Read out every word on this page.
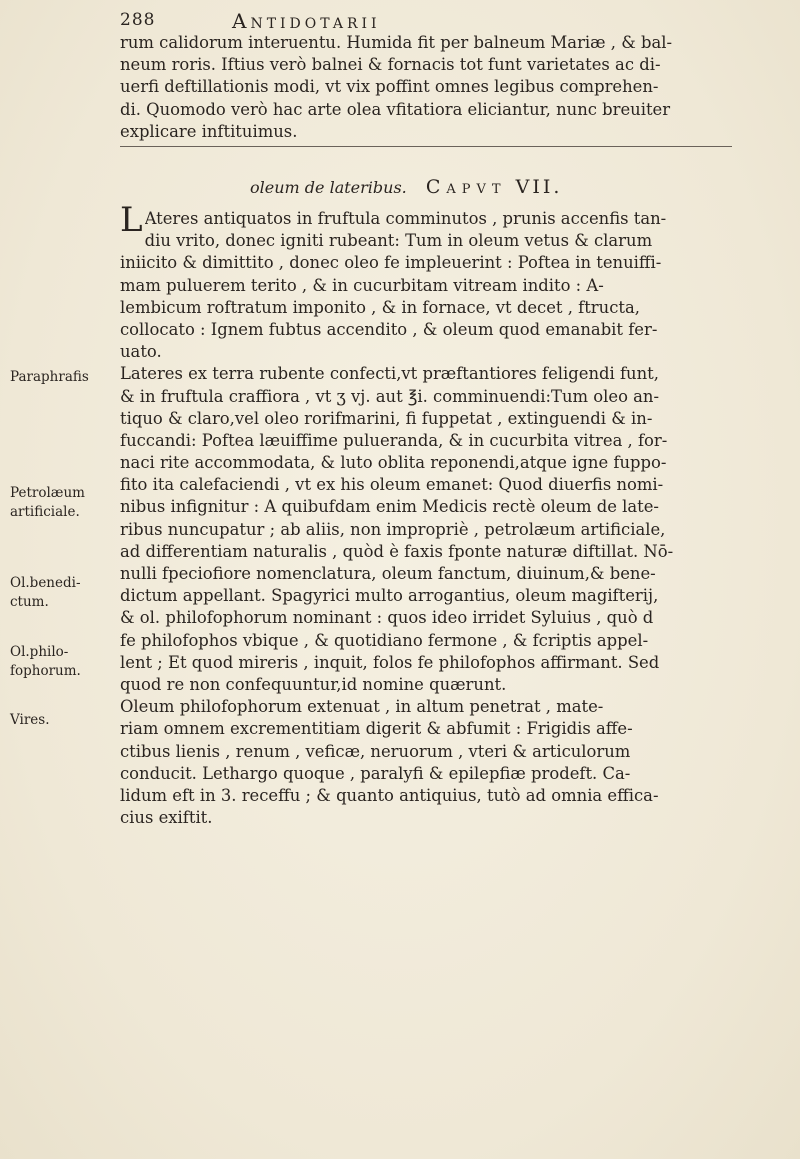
288	Antidotarii
rum calidorum interuentu. Humida fit per balneum Mariæ , & bal-
neum roris. Iftius verò balnei & fornacis tot funt varietates ac di-
uerfi deftillationis modi, vt vix poffint omnes legibus comprehen-
di. Quomodo verò hac arte olea vfitatiora eliciantur, nunc breuiter
explicare inftituimus.
oleum de lateribus. Capvt VII.
L Ateres antiquatos in fruftula comminutos , prunis accenfis tan-
diu vrito, donec igniti rubeant: Tum in oleum vetus & clarum
iniicito & dimittito , donec oleo fe impleuerint : Poftea in tenuiffi-
mam puluerem terito , & in cucurbitam vitream indito : A-
lembicum roftratum imponito , & in fornace, vt decet , ftructa,
collocato : Ignem fubtus accendito , & oleum quod emanabit fer-
uato.
Lateres ex terra rubente confecti,vt præftantiores feligendi funt,
& in fruftula craffiora , vt ʒ vj. aut ℥i. comminuendi:Tum oleo an-
tiquo & claro,vel oleo rorifmarini, fi fuppetat , extinguendi & in-
fuccandi: Poftea læuiffime pulueranda, & in cucurbita vitrea , for-
naci rite accommodata, & luto oblita reponendi,atque igne fuppo-
fito ita calefaciendi , vt ex his oleum emanet: Quod diuerfis nomi-
nibus infignitur : A quibufdam enim Medicis rectè oleum de late-
ribus nuncupatur ; ab aliis, non impropriè , petrolæum artificiale,
ad differentiam naturalis , quòd è faxis fponte naturæ diftillat. Nō-
nulli fpeciofiore nomenclatura, oleum fanctum, diuinum,& bene-
dictum appellant. Spagyrici multo arrogantius, oleum magifterij,
& ol. philofophorum nominant : quos ideo irridet Syluius , quò d
fe philofophos vbique , & quotidiano fermone , & fcriptis appel-
lent ; Et quod mireris , inquit, folos fe philofophos affirmant. Sed
quod re non confequuntur,id nomine quærunt.
Oleum philofophorum extenuat , in altum penetrat , mate-
riam omnem excrementitiam digerit & abfumit : Frigidis affe-
ctibus lienis , renum , veficæ, neruorum , vteri & articulorum
conducit. Lethargo quoque , paralyfi & epilepfiæ prodeft. Ca-
lidum eft in 3. receffu ; & quanto antiquius, tutò ad omnia effica-
cius exiftit.
Paraphrafis
Petrolæum
artificiale.
Ol.benedi-
ctum.
Ol.philo-
fophorum.
Vires.
